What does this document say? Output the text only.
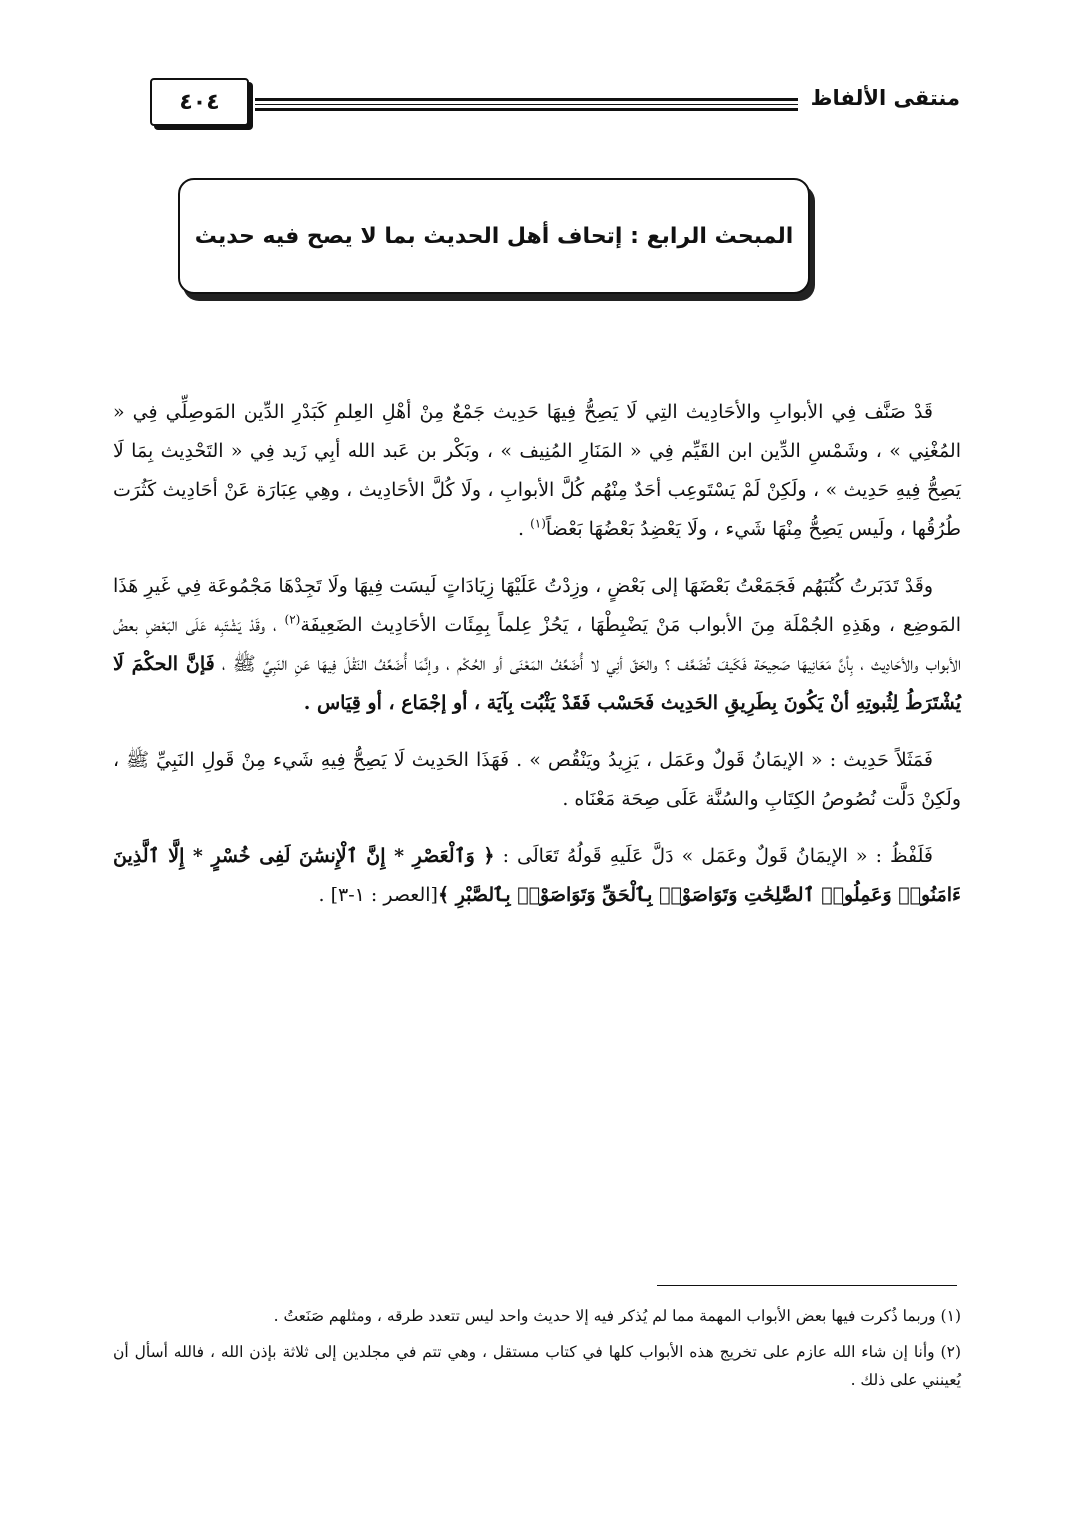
٤٠٤	منتقى الألفاظ
المبحث الرابع : إتحاف أهل الحديث بما لا يصح فيه حديث

قَدْ صَنَّف فِي الأبوابِ والأحَادِيث التِي لَا يَصِحُّ فِيهَا حَدِيث جَمْعٌ مِنْ أهْلِ العِلمِ كَبَدْرِ الدِّين المَوصِلِّي فِي « المُغْنِي » ، وشَمْسِ الدِّين ابن القَيِّم فِي « المَنَارِ المُنِيف » ، وبَكْر بن عَبد الله أبِي زَيد فِي « التَحْدِيث بِمَا لَا يَصِحُّ فِيهِ حَدِيث » ، ولَكِنْ لَمْ يَسْتَوعِب أحَدٌ مِنْهُم كُلَّ الأبوابِ ، ولَا كُلَّ الأحَادِيث ، وهِي عِبَارَة عَنْ أحَادِيث كَثُرَت طُرُقُها ، ولَيس يَصِحُّ مِنْهَا شَيء ، ولَا يَعْضِدُ بَعْضُهَا بَعْضاً$^{(١)}$ .

وقَدْ تَدَبَرتُ كُتُبَهُم فَجَمَعْتُ بَعْضَهَا إلى بَعْضٍ ، وزِدْتُ عَلَيْهَا زِيَادَاتٍ لَيسَت فِيهَا ولَا تَجِدْهَا مَجْمُوعَة فِي غَيرِ هَذَا المَوضِع ، وهَذِهِ الجُمْلَة مِنَ الأبواب مَنْ يَضْبِطْهَا ، يَحُزْ عِلماً بِمِئَات الأحَادِيث الضَعِيفَة$^{(٢)}$ ، وقَدْ يَشْتَبِه عَلَى البَعْضِ بعضُ الأبواب والأحَادِيث ، بِأنَّ مَعَانِيهَا صَحِيحَة فَكَيفَ تُضَعَّف ؟ والحَقّ أنِي لا أُضَعِّفُ المَعْنَى أو الحُكْم ، وإنَّمَا أُضَعِّفُ النَقْلَ فِيهَا عَنِ النَبِيِّ ﷺ ، فَإنَّ الحكْمَ لَا يُشْتَرَطُ لِثُبوتِهِ أنْ يَكُونَ بِطَرِيقِ الحَدِيث فَحَسْب فَقَدْ يَثْبُت بِآيَة ، أو إجْمَاع ، أو قِيَاس .

فَمَثَلاً حَدِيث : « الإيمَانُ قَولٌ وعَمَل ، يَزِيدُ ويَنْقُص » . فَهَذَا الحَدِيث لَا يَصِحُّ فِيهِ شَيء مِنْ قَولِ النَبِيِّ ﷺ ، ولَكِنْ دَلَّت نُصُوصُ الكِتَابِ والسُنَّة عَلَى صِحَة مَعْنَاه .

فَلَفْظُ : « الإيمَانُ قَولٌ وعَمَل » دَلَّ عَلَيهِ قَولُهُ تَعَالَى : ﴿ وَٱلْعَصْرِ * إِنَّ ٱلْإِنسَٰنَ لَفِى خُسْرٍ * إِلَّا ٱلَّذِينَ ءَامَنُوا۟ وَعَمِلُوا۟ ٱلصَّٰلِحَٰتِ وَتَوَاصَوْا۟ بِٱلْحَقِّ وَتَوَاصَوْا۟ بِٱلصَّبْرِ ﴾[العصر : ١-٣] .

(١) وربما ذُكرت فيها بعض الأبواب المهمة مما لم يُذكر فيه إلا حديث واحد ليس تتعدد طرقه ، ومثلهم صَنَعتُ .

(٢) وأنا إن شاء الله عازم على تخريج هذه الأبواب كلها في كتاب مستقل ، وهي تتم في مجلدين إلى ثلاثة بإذن الله ، فالله أسأل أن يُعينني على ذلك .
